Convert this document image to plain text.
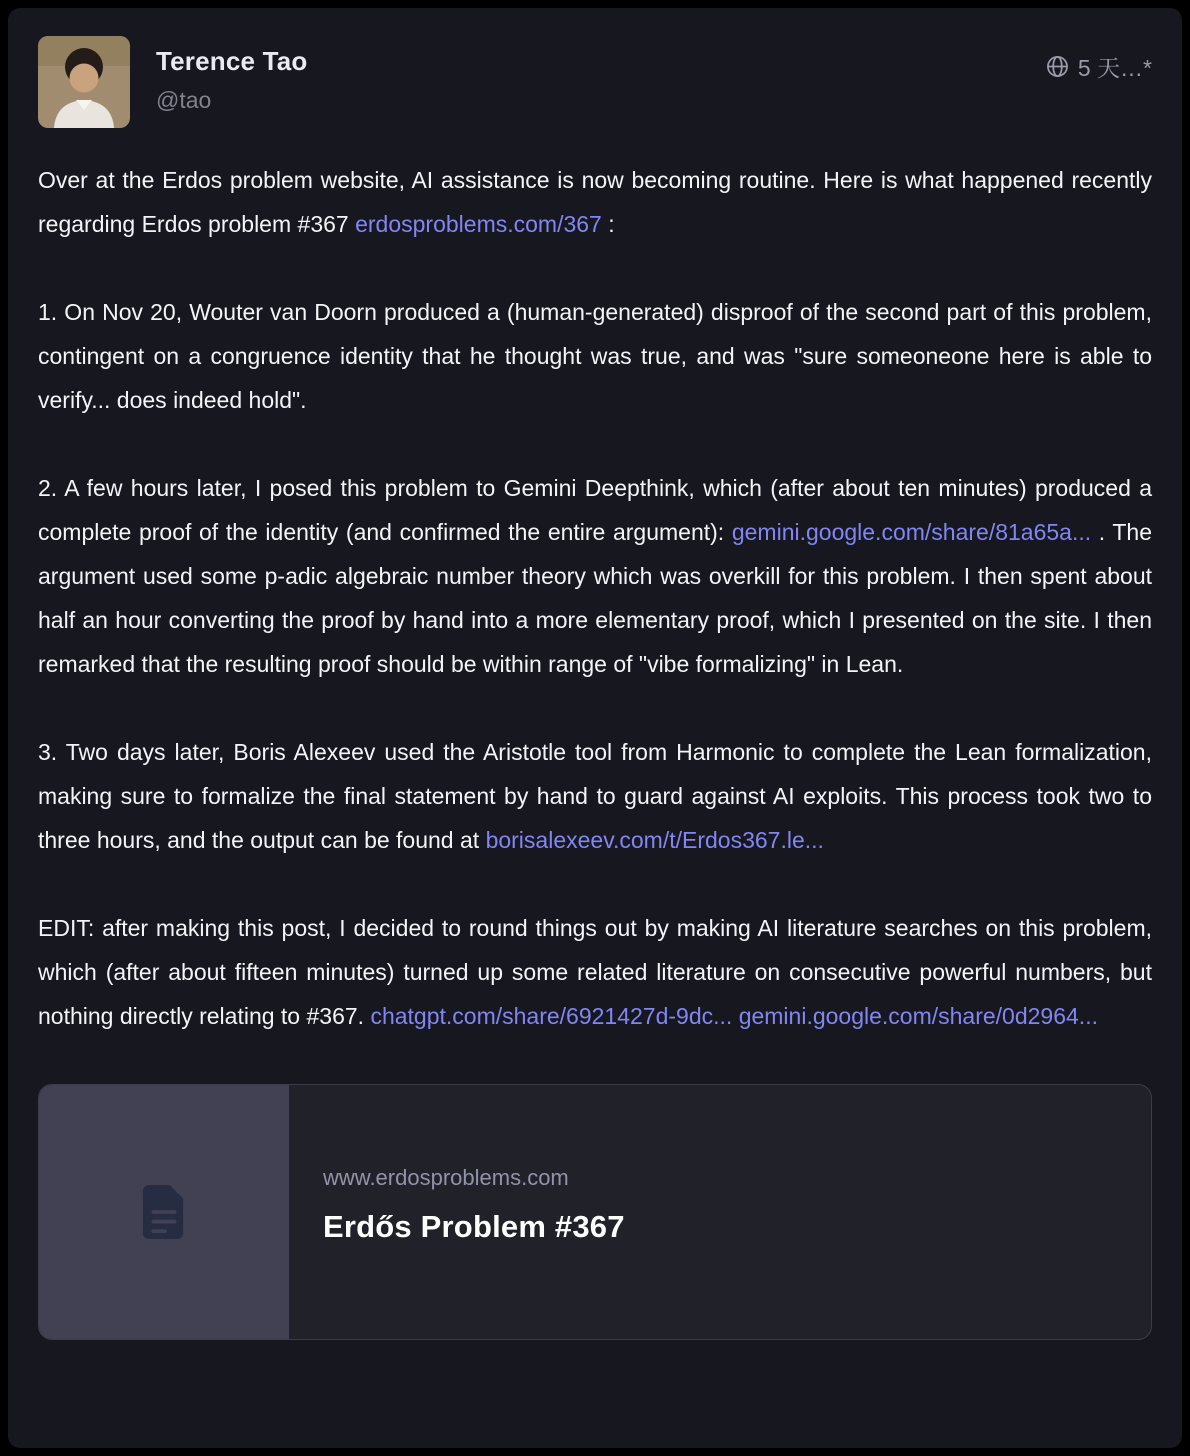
Terence Tao
@tao
5 天…*

Over at the Erdos problem website, AI assistance is now becoming routine. Here is what happened recently regarding Erdos problem #367 erdosproblems.com/367 :

1. On Nov 20, Wouter van Doorn produced a (human-generated) disproof of the second part of this problem, contingent on a congruence identity that he thought was true, and was "sure someoneone here is able to verify... does indeed hold".

2. A few hours later, I posed this problem to Gemini Deepthink, which (after about ten minutes) produced a complete proof of the identity (and confirmed the entire argument): gemini.google.com/share/81a65a... . The argument used some p-adic algebraic number theory which was overkill for this problem. I then spent about half an hour converting the proof by hand into a more elementary proof, which I presented on the site. I then remarked that the resulting proof should be within range of "vibe formalizing" in Lean.

3. Two days later, Boris Alexeev used the Aristotle tool from Harmonic to complete the Lean formalization, making sure to formalize the final statement by hand to guard against AI exploits. This process took two to three hours, and the output can be found at borisalexeev.com/t/Erdos367.le...

EDIT: after making this post, I decided to round things out by making AI literature searches on this problem, which (after about fifteen minutes) turned up some related literature on consecutive powerful numbers, but nothing directly relating to #367. chatgpt.com/share/6921427d-9dc... gemini.google.com/share/0d2964...

www.erdosproblems.com
Erdős Problem #367
